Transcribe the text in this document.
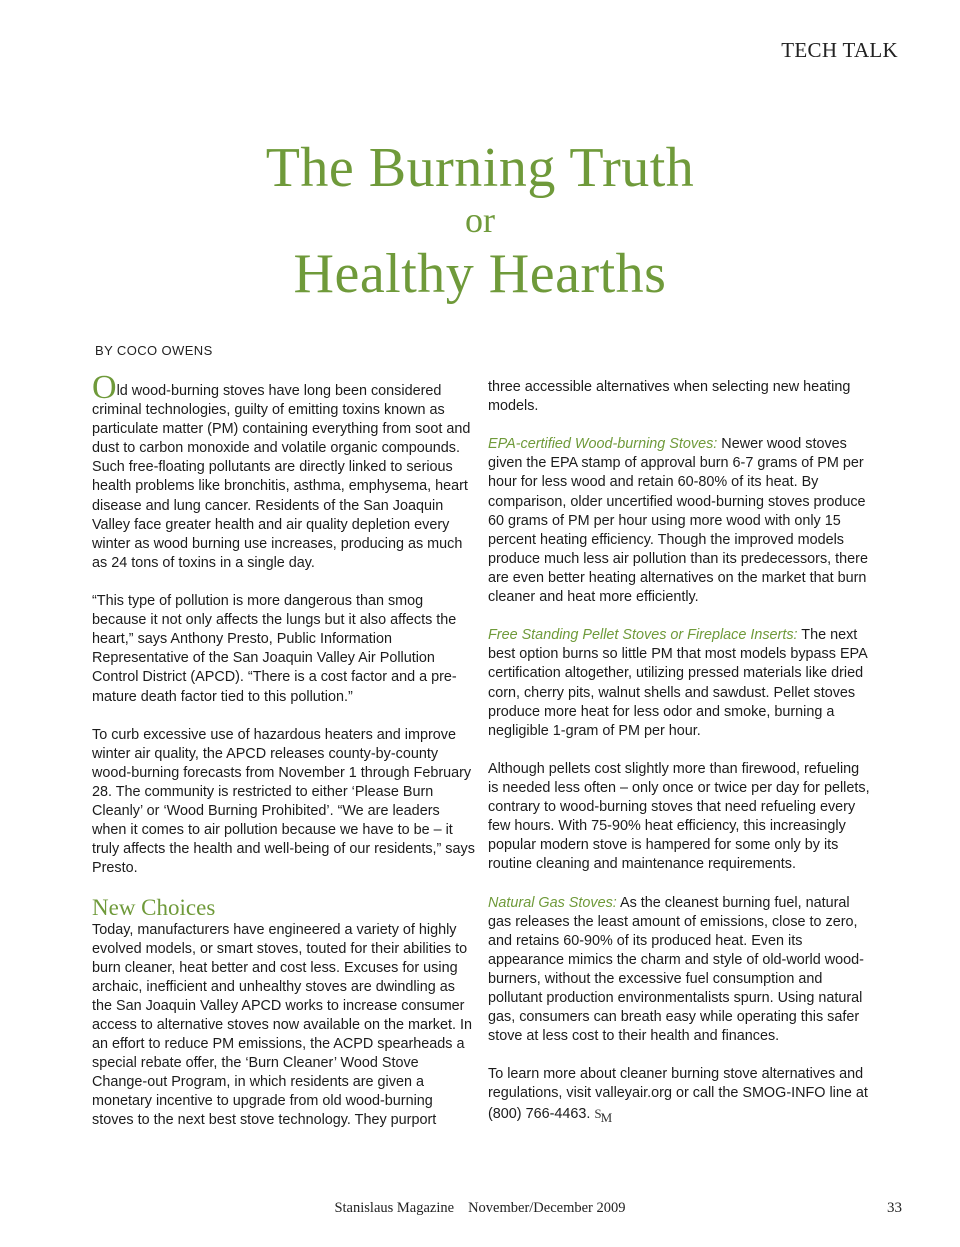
TECH TALK
The Burning Truth
or
Healthy Hearths
BY COCO OWENS

Old wood-burning stoves have long been considered criminal technologies, guilty of emitting toxins known as particulate matter (PM) containing everything from soot and dust to carbon monoxide and volatile organic compounds. Such free-floating pollutants are directly linked to serious health problems like bronchitis, asthma, emphysema, heart disease and lung cancer. Residents of the San Joaquin Valley face greater health and air quality depletion every winter as wood burning use increases, producing as much as 24 tons of toxins in a single day.

“This type of pollution is more dangerous than smog because it not only affects the lungs but it also affects the heart,” says Anthony Presto, Public Information Representative of the San Joaquin Valley Air Pollution Control District (APCD). “There is a cost factor and a pre-mature death factor tied to this pollution.”

To curb excessive use of hazardous heaters and improve winter air quality, the APCD releases county-by-county wood-burning forecasts from November 1 through February 28. The community is restricted to either ‘Please Burn Cleanly’ or ‘Wood Burning Prohibited’. “We are leaders when it comes to air pollution because we have to be – it truly affects the health and well-being of our residents,” says Presto.

New Choices

Today, manufacturers have engineered a variety of highly evolved models, or smart stoves, touted for their abilities to burn cleaner, heat better and cost less. Excuses for using archaic, inefficient and unhealthy stoves are dwindling as the San Joaquin Valley APCD works to increase consumer access to alternative stoves now available on the market. In an effort to reduce PM emissions, the ACPD spearheads a special rebate offer, the ‘Burn Cleaner’ Wood Stove Change-out Program, in which residents are given a monetary incentive to upgrade from old wood-burning stoves to the next best stove technology. They purport

three accessible alternatives when selecting new heating models.

EPA-certified Wood-burning Stoves: Newer wood stoves given the EPA stamp of approval burn 6-7 grams of PM per hour for less wood and retain 60-80% of its heat. By comparison, older uncertified wood-burning stoves produce 60 grams of PM per hour using more wood with only 15 percent heating efficiency. Though the improved models produce much less air pollution than its predecessors, there are even better heating alternatives on the market that burn cleaner and heat more efficiently.

Free Standing Pellet Stoves or Fireplace Inserts: The next best option burns so little PM that most models bypass EPA certification altogether, utilizing pressed materials like dried corn, cherry pits, walnut shells and sawdust. Pellet stoves produce more heat for less odor and smoke, burning a negligible 1-gram of PM per hour.

Although pellets cost slightly more than firewood, refueling is needed less often – only once or twice per day for pellets, contrary to wood-burning stoves that need refueling every few hours. With 75-90% heat efficiency, this increasingly popular modern stove is hampered for some only by its routine cleaning and maintenance requirements.

Natural Gas Stoves: As the cleanest burning fuel, natural gas releases the least amount of emissions, close to zero, and retains 60-90% of its produced heat. Even its appearance mimics the charm and style of old-world wood-burners, without the excessive fuel consumption and pollutant production environmentalists spurn. Using natural gas, consumers can breath easy while operating this safer stove at less cost to their health and finances.

To learn more about cleaner burning stove alternatives and regulations, visit valleyair.org or call the SMOG-INFO line at (800) 766-4463. SM

Stanislaus Magazine November/December 2009	33
